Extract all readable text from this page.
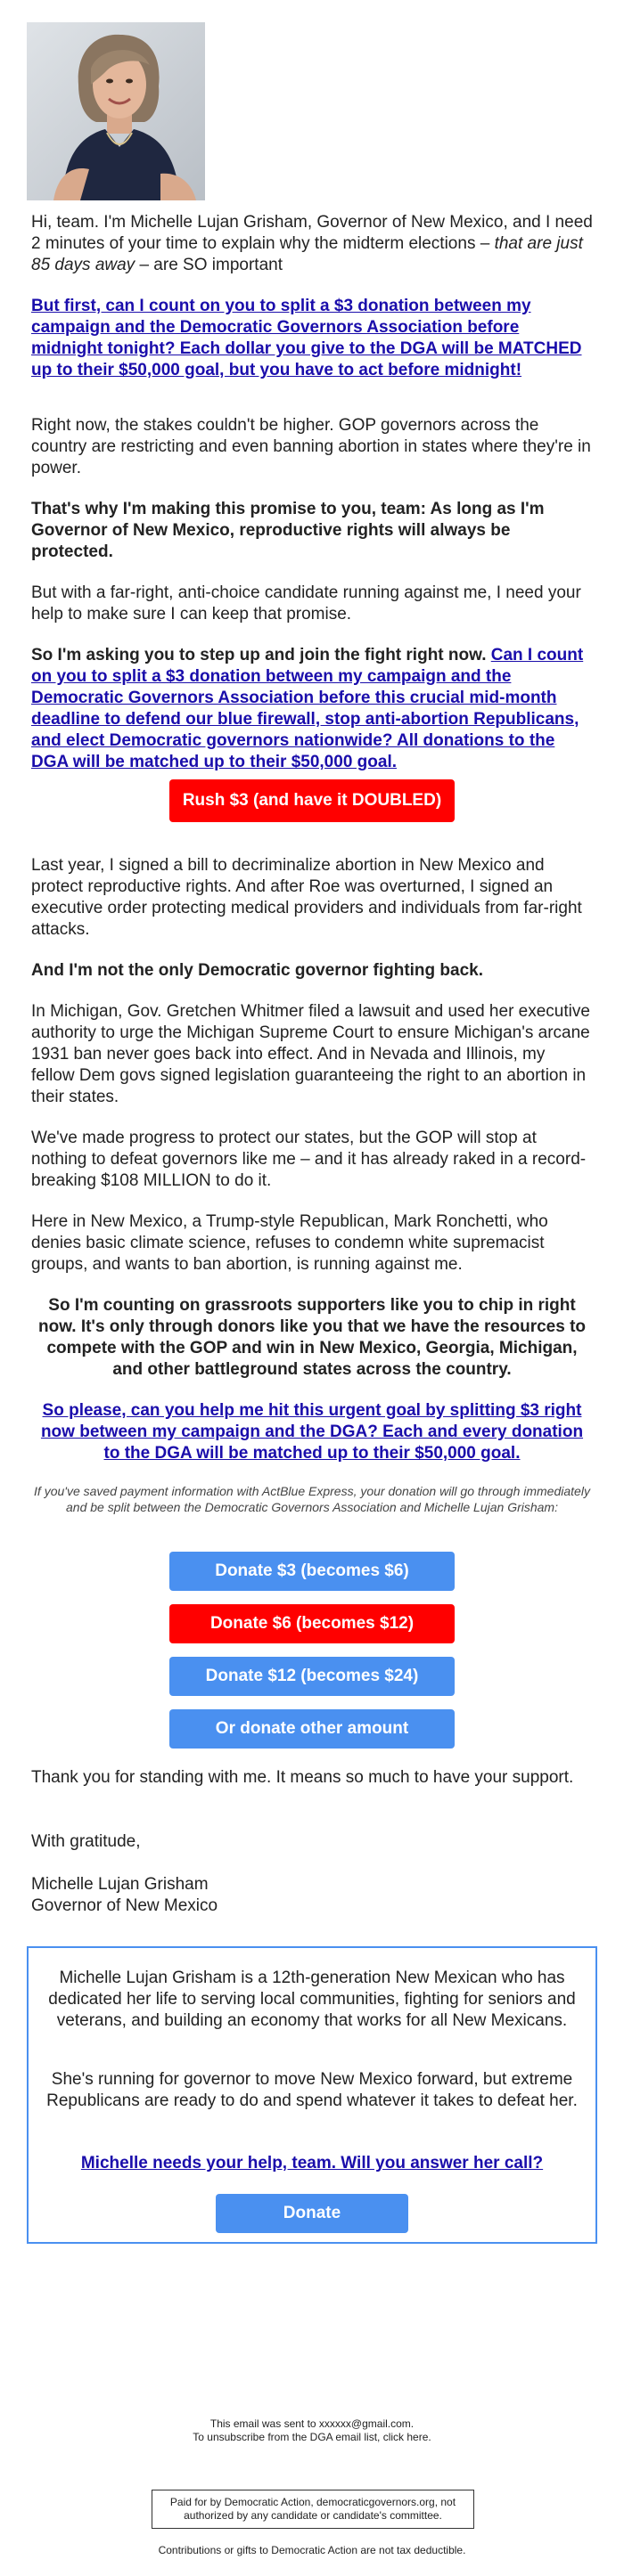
Hi, team. I'm Michelle Lujan Grisham, Governor of New Mexico, and I need 2 minutes of your time to explain why the midterm elections – that are just 85 days away – are SO important

But first, can I count on you to split a $3 donation between my campaign and the Democratic Governors Association before midnight tonight? Each dollar you give to the DGA will be MATCHED up to their $50,000 goal, but you have to act before midnight!

Right now, the stakes couldn't be higher. GOP governors across the country are restricting and even banning abortion in states where they're in power.

That's why I'm making this promise to you, team: As long as I'm Governor of New Mexico, reproductive rights will always be protected.

But with a far-right, anti-choice candidate running against me, I need your help to make sure I can keep that promise.

So I'm asking you to step up and join the fight right now. Can I count on you to split a $3 donation between my campaign and the Democratic Governors Association before this crucial mid-month deadline to defend our blue firewall, stop anti-abortion Republicans, and elect Democratic governors nationwide? All donations to the DGA will be matched up to their $50,000 goal.

Rush $3 (and have it DOUBLED)

Last year, I signed a bill to decriminalize abortion in New Mexico and protect reproductive rights. And after Roe was overturned, I signed an executive order protecting medical providers and individuals from far-right attacks.

And I'm not the only Democratic governor fighting back.

In Michigan, Gov. Gretchen Whitmer filed a lawsuit and used her executive authority to urge the Michigan Supreme Court to ensure Michigan's arcane 1931 ban never goes back into effect. And in Nevada and Illinois, my fellow Dem govs signed legislation guaranteeing the right to an abortion in their states.

We've made progress to protect our states, but the GOP will stop at nothing to defeat governors like me – and it has already raked in a record-breaking $108 MILLION to do it.

Here in New Mexico, a Trump-style Republican, Mark Ronchetti, who denies basic climate science, refuses to condemn white supremacist groups, and wants to ban abortion, is running against me.

So I'm counting on grassroots supporters like you to chip in right now. It's only through donors like you that we have the resources to compete with the GOP and win in New Mexico, Georgia, Michigan, and other battleground states across the country.

So please, can you help me hit this urgent goal by splitting $3 right now between my campaign and the DGA? Each and every donation to the DGA will be matched up to their $50,000 goal.

If you've saved payment information with ActBlue Express, your donation will go through immediately and be split between the Democratic Governors Association and Michelle Lujan Grisham:

Donate $3 (becomes $6)
Donate $6 (becomes $12)
Donate $12 (becomes $24)
Or donate other amount

Thank you for standing with me. It means so much to have your support.

With gratitude,

Michelle Lujan Grisham

Governor of New Mexico

Michelle Lujan Grisham is a 12th-generation New Mexican who has dedicated her life to serving local communities, fighting for seniors and veterans, and building an economy that works for all New Mexicans.

She's running for governor to move New Mexico forward, but extreme Republicans are ready to do and spend whatever it takes to defeat her.

Michelle needs your help, team. Will you answer her call?

Donate
This email was sent to xxxxxx@gmail.com.
To unsubscribe from the DGA email list, click here.
Paid for by Democratic Action, democraticgovernors.org, not authorized by any candidate or candidate's committee.
Contributions or gifts to Democratic Action are not tax deductible.
